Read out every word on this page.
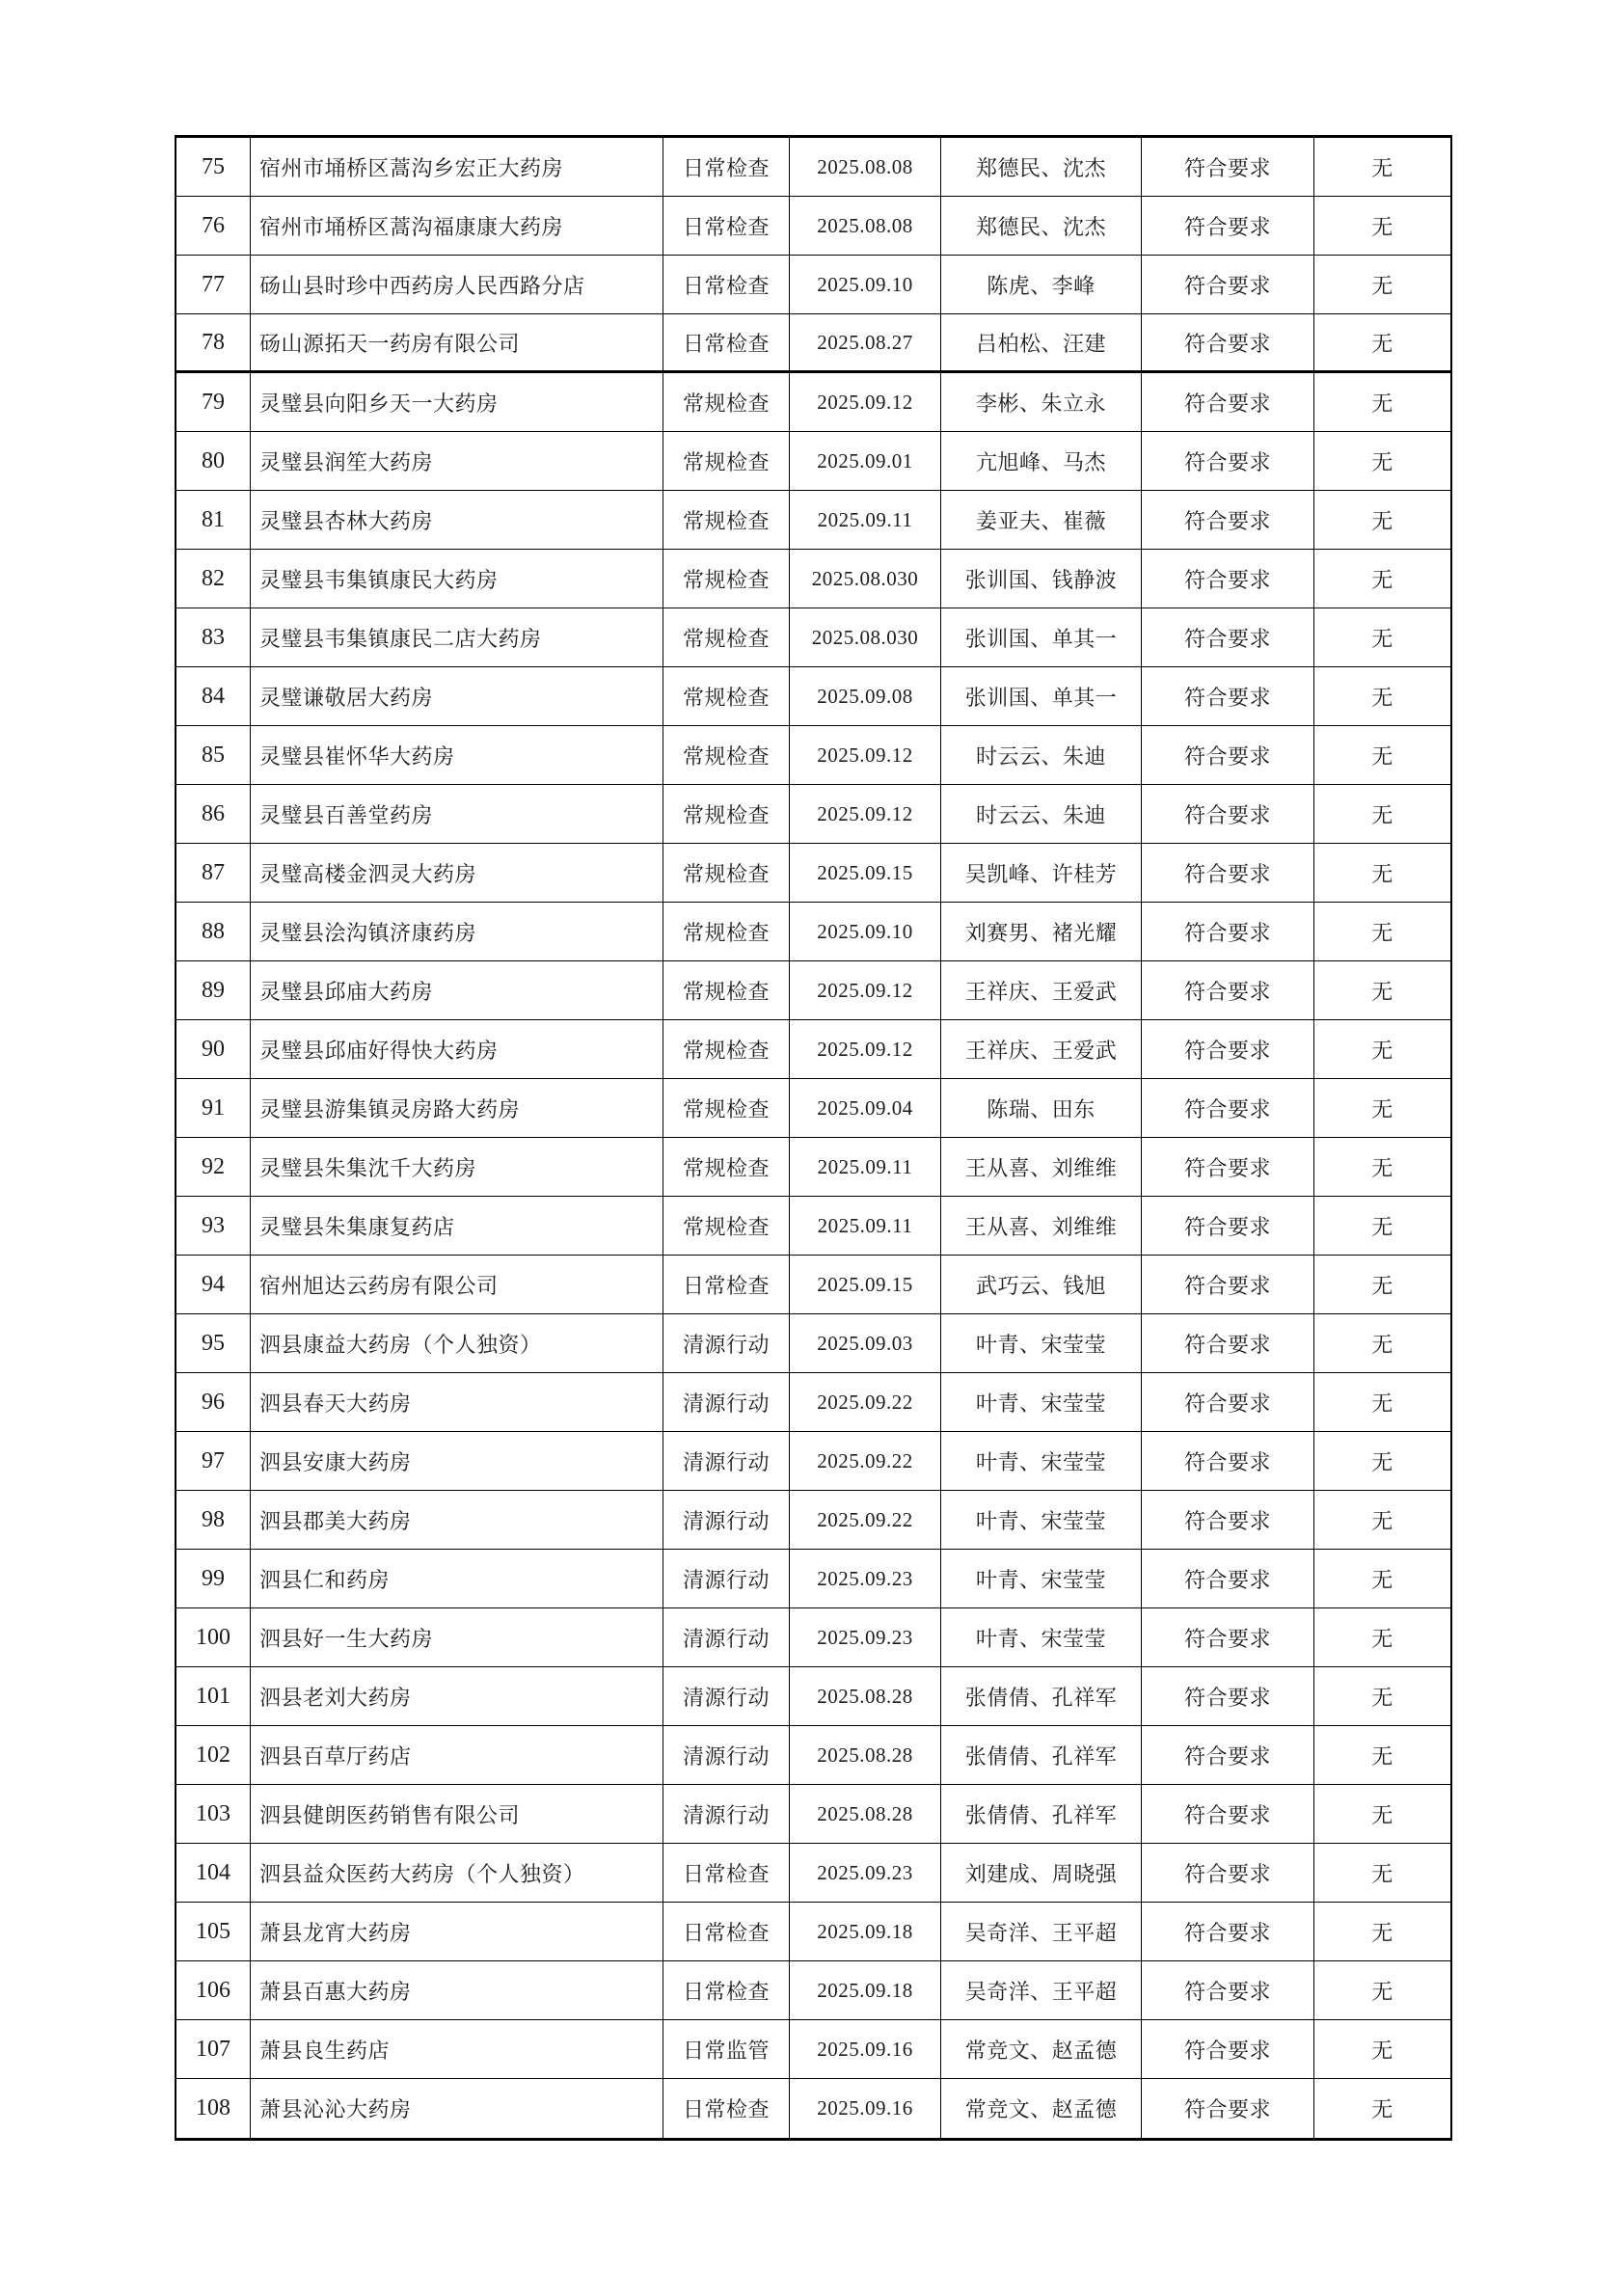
75	宿州市埇桥区蒿沟乡宏正大药房	日常检查	2025.08.08	郑德民、沈杰	符合要求	无
76	宿州市埇桥区蒿沟福康康大药房	日常检查	2025.08.08	郑德民、沈杰	符合要求	无
77	砀山县时珍中西药房人民西路分店	日常检查	2025.09.10	陈虎、李峰	符合要求	无
78	砀山源拓天一药房有限公司	日常检查	2025.08.27	吕柏松、汪建	符合要求	无
79	灵璧县向阳乡天一大药房	常规检查	2025.09.12	李彬、朱立永	符合要求	无
80	灵璧县润笙大药房	常规检查	2025.09.01	亢旭峰、马杰	符合要求	无
81	灵璧县杏林大药房	常规检查	2025.09.11	姜亚夫、崔薇	符合要求	无
82	灵璧县韦集镇康民大药房	常规检查	2025.08.030	张训国、钱静波	符合要求	无
83	灵璧县韦集镇康民二店大药房	常规检查	2025.08.030	张训国、单其一	符合要求	无
84	灵璧谦敬居大药房	常规检查	2025.09.08	张训国、单其一	符合要求	无
85	灵璧县崔怀华大药房	常规检查	2025.09.12	时云云、朱迪	符合要求	无
86	灵璧县百善堂药房	常规检查	2025.09.12	时云云、朱迪	符合要求	无
87	灵璧高楼金泗灵大药房	常规检查	2025.09.15	吴凯峰、许桂芳	符合要求	无
88	灵璧县浍沟镇济康药房	常规检查	2025.09.10	刘赛男、褚光耀	符合要求	无
89	灵璧县邱庙大药房	常规检查	2025.09.12	王祥庆、王爱武	符合要求	无
90	灵璧县邱庙好得快大药房	常规检查	2025.09.12	王祥庆、王爱武	符合要求	无
91	灵璧县游集镇灵房路大药房	常规检查	2025.09.04	陈瑞、田东	符合要求	无
92	灵璧县朱集沈千大药房	常规检查	2025.09.11	王从喜、刘维维	符合要求	无
93	灵璧县朱集康复药店	常规检查	2025.09.11	王从喜、刘维维	符合要求	无
94	宿州旭达云药房有限公司	日常检查	2025.09.15	武巧云、钱旭	符合要求	无
95	泗县康益大药房（个人独资）	清源行动	2025.09.03	叶青、宋莹莹	符合要求	无
96	泗县春天大药房	清源行动	2025.09.22	叶青、宋莹莹	符合要求	无
97	泗县安康大药房	清源行动	2025.09.22	叶青、宋莹莹	符合要求	无
98	泗县郡美大药房	清源行动	2025.09.22	叶青、宋莹莹	符合要求	无
99	泗县仁和药房	清源行动	2025.09.23	叶青、宋莹莹	符合要求	无
100	泗县好一生大药房	清源行动	2025.09.23	叶青、宋莹莹	符合要求	无
101	泗县老刘大药房	清源行动	2025.08.28	张倩倩、孔祥军	符合要求	无
102	泗县百草厅药店	清源行动	2025.08.28	张倩倩、孔祥军	符合要求	无
103	泗县健朗医药销售有限公司	清源行动	2025.08.28	张倩倩、孔祥军	符合要求	无
104	泗县益众医药大药房（个人独资）	日常检查	2025.09.23	刘建成、周晓强	符合要求	无
105	萧县龙宵大药房	日常检查	2025.09.18	吴奇洋、王平超	符合要求	无
106	萧县百惠大药房	日常检查	2025.09.18	吴奇洋、王平超	符合要求	无
107	萧县良生药店	日常监管	2025.09.16	常竞文、赵孟德	符合要求	无
108	萧县沁沁大药房	日常检查	2025.09.16	常竞文、赵孟德	符合要求	无
